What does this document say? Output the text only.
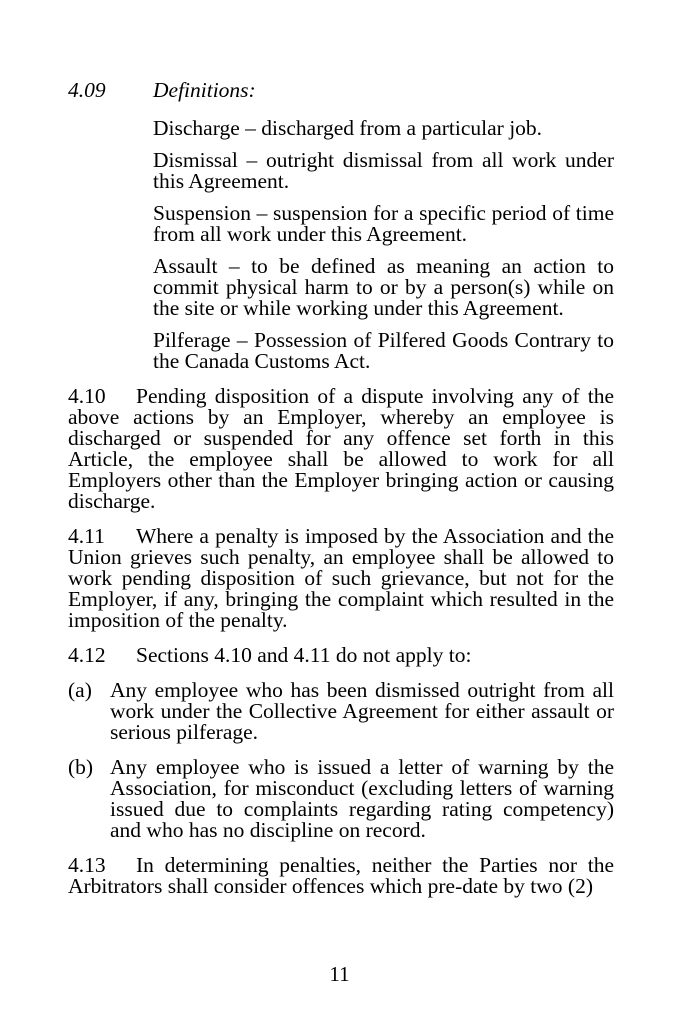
4.09 Definitions:
Discharge – discharged from a particular job.
Dismissal – outright dismissal from all work under this Agreement.
Suspension – suspension for a specific period of time from all work under this Agreement.
Assault – to be defined as meaning an action to commit physical harm to or by a person(s) while on the site or while working under this Agreement.
Pilferage – Possession of Pilfered Goods Contrary to the Canada Customs Act.
4.10 Pending disposition of a dispute involving any of the above actions by an Employer, whereby an employee is discharged or suspended for any offence set forth in this Article, the employee shall be allowed to work for all Employers other than the Employer bringing action or causing discharge.
4.11 Where a penalty is imposed by the Association and the Union grieves such penalty, an employee shall be allowed to work pending disposition of such grievance, but not for the Employer, if any, bringing the complaint which resulted in the imposition of the penalty.
4.12 Sections 4.10 and 4.11 do not apply to:
(a) Any employee who has been dismissed outright from all work under the Collective Agreement for either assault or serious pilferage.
(b) Any employee who is issued a letter of warning by the Association, for misconduct (excluding letters of warning issued due to complaints regarding rating competency) and who has no discipline on record.
4.13 In determining penalties, neither the Parties nor the Arbitrators shall consider offences which pre-date by two (2)
11
